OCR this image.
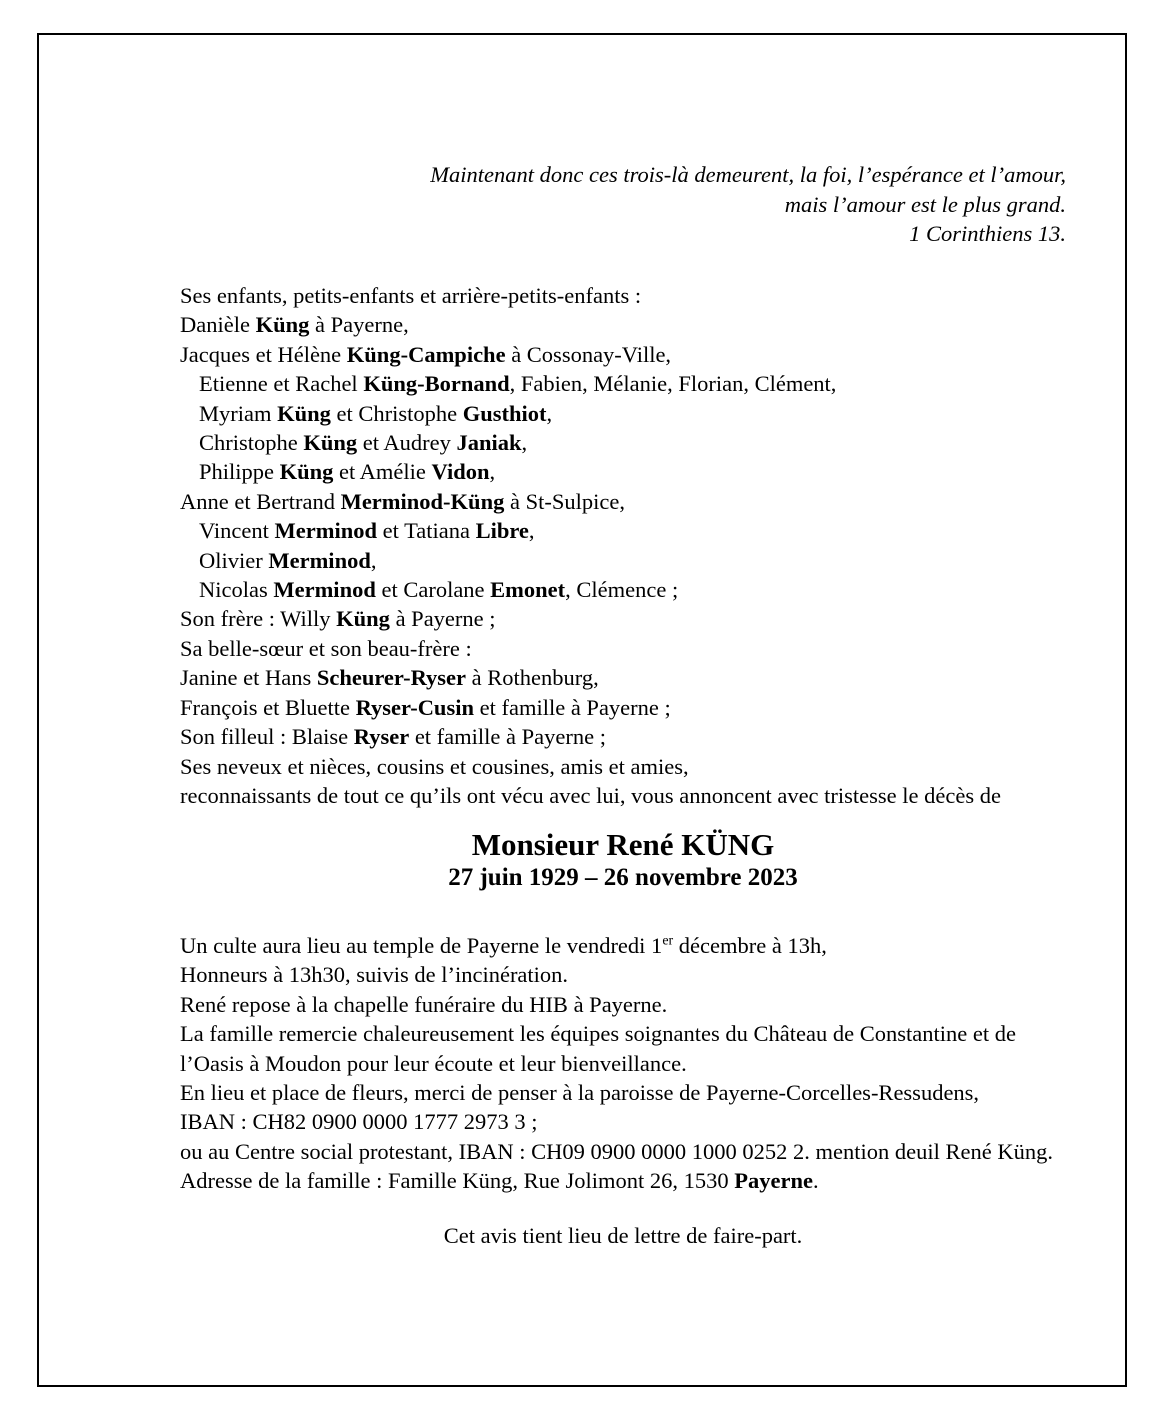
Maintenant donc ces trois-là demeurent, la foi, l’espérance et l’amour,
mais l’amour est le plus grand.
1 Corinthiens 13.
Ses enfants, petits-enfants et arrière-petits-enfants :
Danièle Küng à Payerne,
Jacques et Hélène Küng-Campiche à Cossonay-Ville,
Etienne et Rachel Küng-Bornand, Fabien, Mélanie, Florian, Clément,
Myriam Küng et Christophe Gusthiot,
Christophe Küng et Audrey Janiak,
Philippe Küng et Amélie Vidon,
Anne et Bertrand Merminod-Küng à St-Sulpice,
Vincent Merminod et Tatiana Libre,
Olivier Merminod,
Nicolas Merminod et Carolane Emonet, Clémence ;
Son frère : Willy Küng à Payerne ;
Sa belle-sœur et son beau-frère :
Janine et Hans Scheurer-Ryser à Rothenburg,
François et Bluette Ryser-Cusin et famille à Payerne ;
Son filleul : Blaise Ryser et famille à Payerne ;
Ses neveux et nièces, cousins et cousines, amis et amies,
reconnaissants de tout ce qu’ils ont vécu avec lui, vous annoncent avec tristesse le décès de
Monsieur René KÜNG
27 juin 1929 – 26 novembre 2023
Un culte aura lieu au temple de Payerne le vendredi 1er décembre à 13h,
Honneurs à 13h30, suivis de l’incinération.
René repose à la chapelle funéraire du HIB à Payerne.
La famille remercie chaleureusement les équipes soignantes du Château de Constantine et de
l’Oasis à Moudon pour leur écoute et leur bienveillance.
En lieu et place de fleurs, merci de penser à la paroisse de Payerne-Corcelles-Ressudens,
IBAN : CH82 0900 0000 1777 2973 3 ;
ou au Centre social protestant, IBAN : CH09 0900 0000 1000 0252 2. mention deuil René Küng.
Adresse de la famille : Famille Küng, Rue Jolimont 26, 1530 Payerne.
Cet avis tient lieu de lettre de faire-part.
